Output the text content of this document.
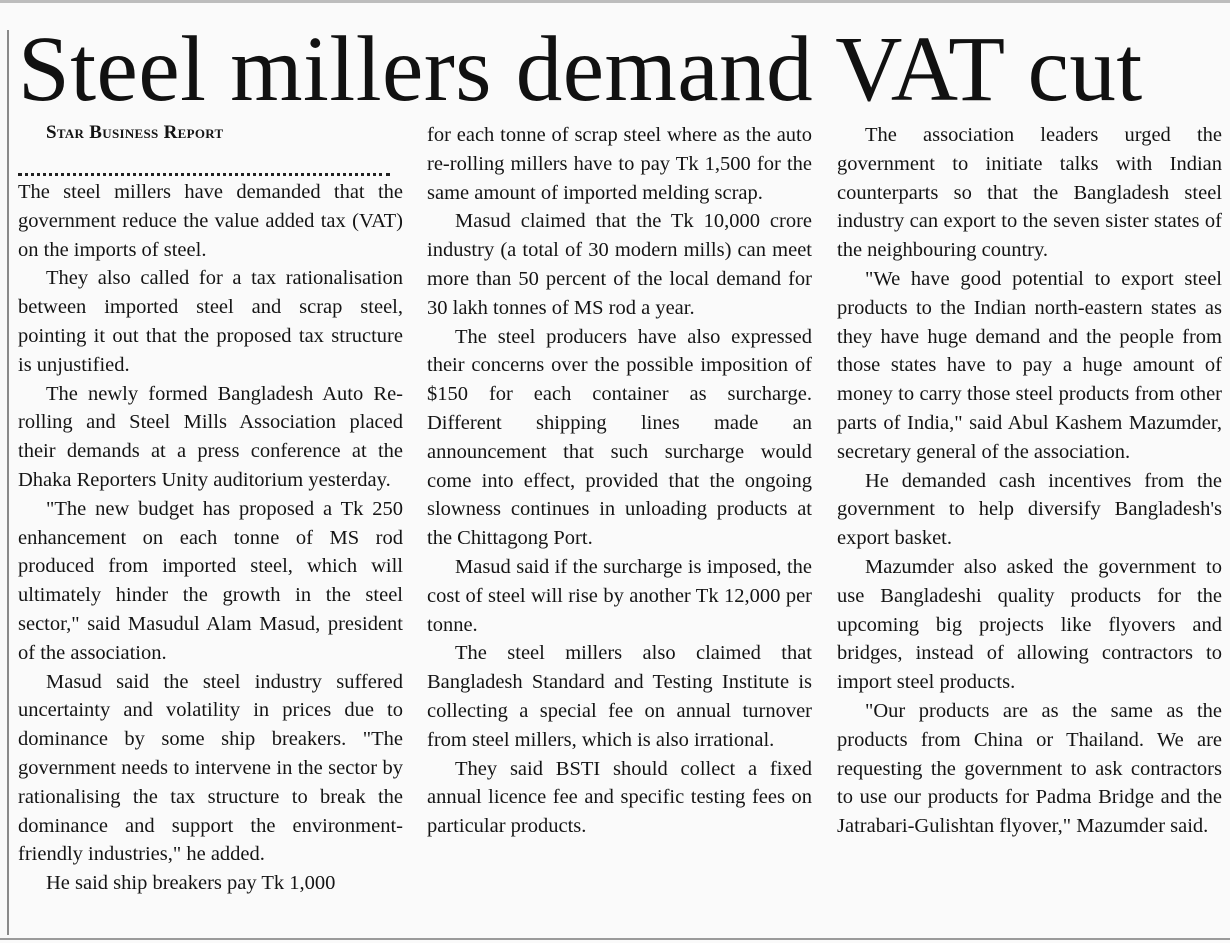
Steel millers demand VAT cut

Star Business Report

The steel millers have demanded that the government reduce the value added tax (VAT) on the imports of steel.

They also called for a tax rationalisation between imported steel and scrap steel, pointing it out that the proposed tax structure is unjustified.

The newly formed Bangladesh Auto Re-rolling and Steel Mills Association placed their demands at a press conference at the Dhaka Reporters Unity auditorium yesterday.

"The new budget has proposed a Tk 250 enhancement on each tonne of MS rod produced from imported steel, which will ultimately hinder the growth in the steel sector," said Masudul Alam Masud, president of the association.

Masud said the steel industry suffered uncertainty and volatility in prices due to dominance by some ship breakers. "The government needs to intervene in the sector by rationalising the tax structure to break the dominance and support the environment-friendly industries," he added.

He said ship breakers pay Tk 1,000

for each tonne of scrap steel where as the auto re-rolling millers have to pay Tk 1,500 for the same amount of imported melding scrap.

Masud claimed that the Tk 10,000 crore industry (a total of 30 modern mills) can meet more than 50 percent of the local demand for 30 lakh tonnes of MS rod a year.

The steel producers have also expressed their concerns over the possible imposition of $150 for each container as surcharge. Different shipping lines made an announcement that such surcharge would come into effect, provided that the ongoing slowness continues in unloading products at the Chittagong Port.

Masud said if the surcharge is imposed, the cost of steel will rise by another Tk 12,000 per tonne.

The steel millers also claimed that Bangladesh Standard and Testing Institute is collecting a special fee on annual turnover from steel millers, which is also irrational.

They said BSTI should collect a fixed annual licence fee and specific testing fees on particular products.

The association leaders urged the government to initiate talks with Indian counterparts so that the Bangladesh steel industry can export to the seven sister states of the neighbouring country.

"We have good potential to export steel products to the Indian north-eastern states as they have huge demand and the people from those states have to pay a huge amount of money to carry those steel products from other parts of India," said Abul Kashem Mazumder, secretary general of the association.

He demanded cash incentives from the government to help diversify Bangladesh's export basket.

Mazumder also asked the government to use Bangladeshi quality products for the upcoming big projects like flyovers and bridges, instead of allowing contractors to import steel products.

"Our products are as the same as the products from China or Thailand. We are requesting the government to ask contractors to use our products for Padma Bridge and the Jatrabari-Gulishtan flyover," Mazumder said.
